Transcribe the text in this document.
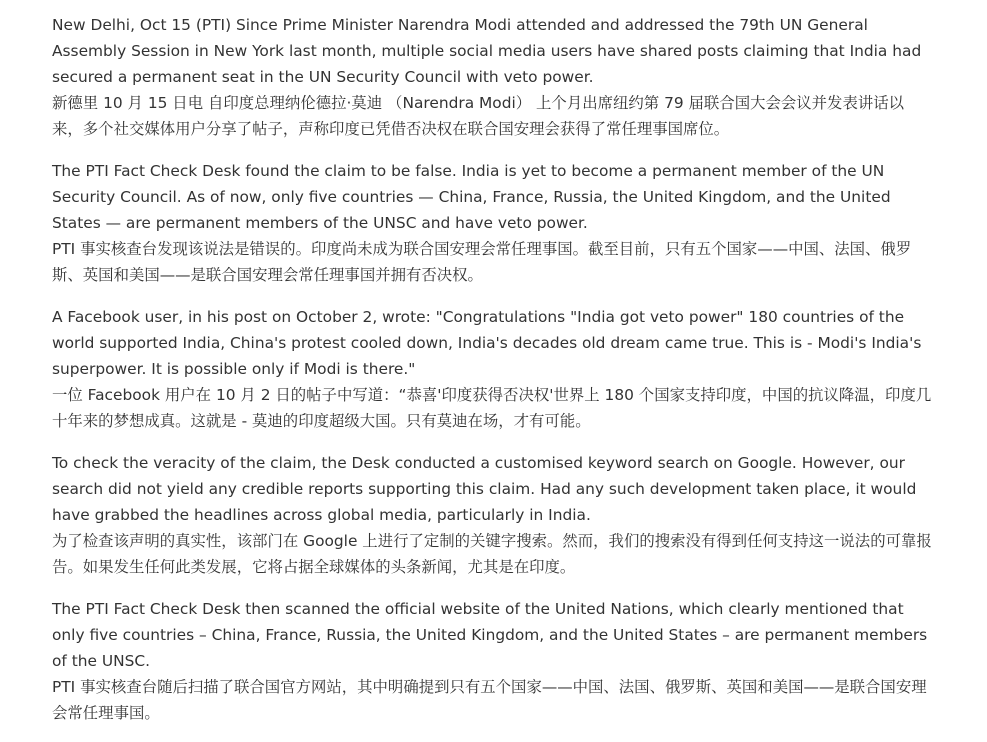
New Delhi, Oct 15 (PTI) Since Prime Minister Narendra Modi attended and addressed the 79th UN General Assembly Session in New York last month, multiple social media users have shared posts claiming that India had secured a permanent seat in the UN Security Council with veto power.

新德里 10 月 15 日电 自印度总理纳伦德拉·莫迪 （Narendra Modi） 上个月出席纽约第 79 届联合国大会会议并发表讲话以来，多个社交媒体用户分享了帖子，声称印度已凭借否决权在联合国安理会获得了常任理事国席位。

The PTI Fact Check Desk found the claim to be false. India is yet to become a permanent member of the UN Security Council. As of now, only five countries — China, France, Russia, the United Kingdom, and the United States — are permanent members of the UNSC and have veto power.

PTI 事实核查台发现该说法是错误的。印度尚未成为联合国安理会常任理事国。截至目前，只有五个国家——中国、法国、俄罗斯、英国和美国——是联合国安理会常任理事国并拥有否决权。

A Facebook user, in his post on October 2, wrote: "Congratulations "India got veto power" 180 countries of the world supported India, China's protest cooled down, India's decades old dream came true. This is - Modi's India's superpower. It is possible only if Modi is there."

一位 Facebook 用户在 10 月 2 日的帖子中写道：“恭喜'印度获得否决权'世界上 180 个国家支持印度，中国的抗议降温，印度几十年来的梦想成真。这就是 - 莫迪的印度超级大国。只有莫迪在场，才有可能。

To check the veracity of the claim, the Desk conducted a customised keyword search on Google. However, our search did not yield any credible reports supporting this claim. Had any such development taken place, it would have grabbed the headlines across global media, particularly in India.

为了检查该声明的真实性，该部门在 Google 上进行了定制的关键字搜索。然而，我们的搜索没有得到任何支持这一说法的可靠报告。如果发生任何此类发展，它将占据全球媒体的头条新闻，尤其是在印度。

The PTI Fact Check Desk then scanned the official website of the United Nations, which clearly mentioned that only five countries – China, France, Russia, the United Kingdom, and the United States – are permanent members of the UNSC.

PTI 事实核查台随后扫描了联合国官方网站，其中明确提到只有五个国家——中国、法国、俄罗斯、英国和美国——是联合国安理会常任理事国。
